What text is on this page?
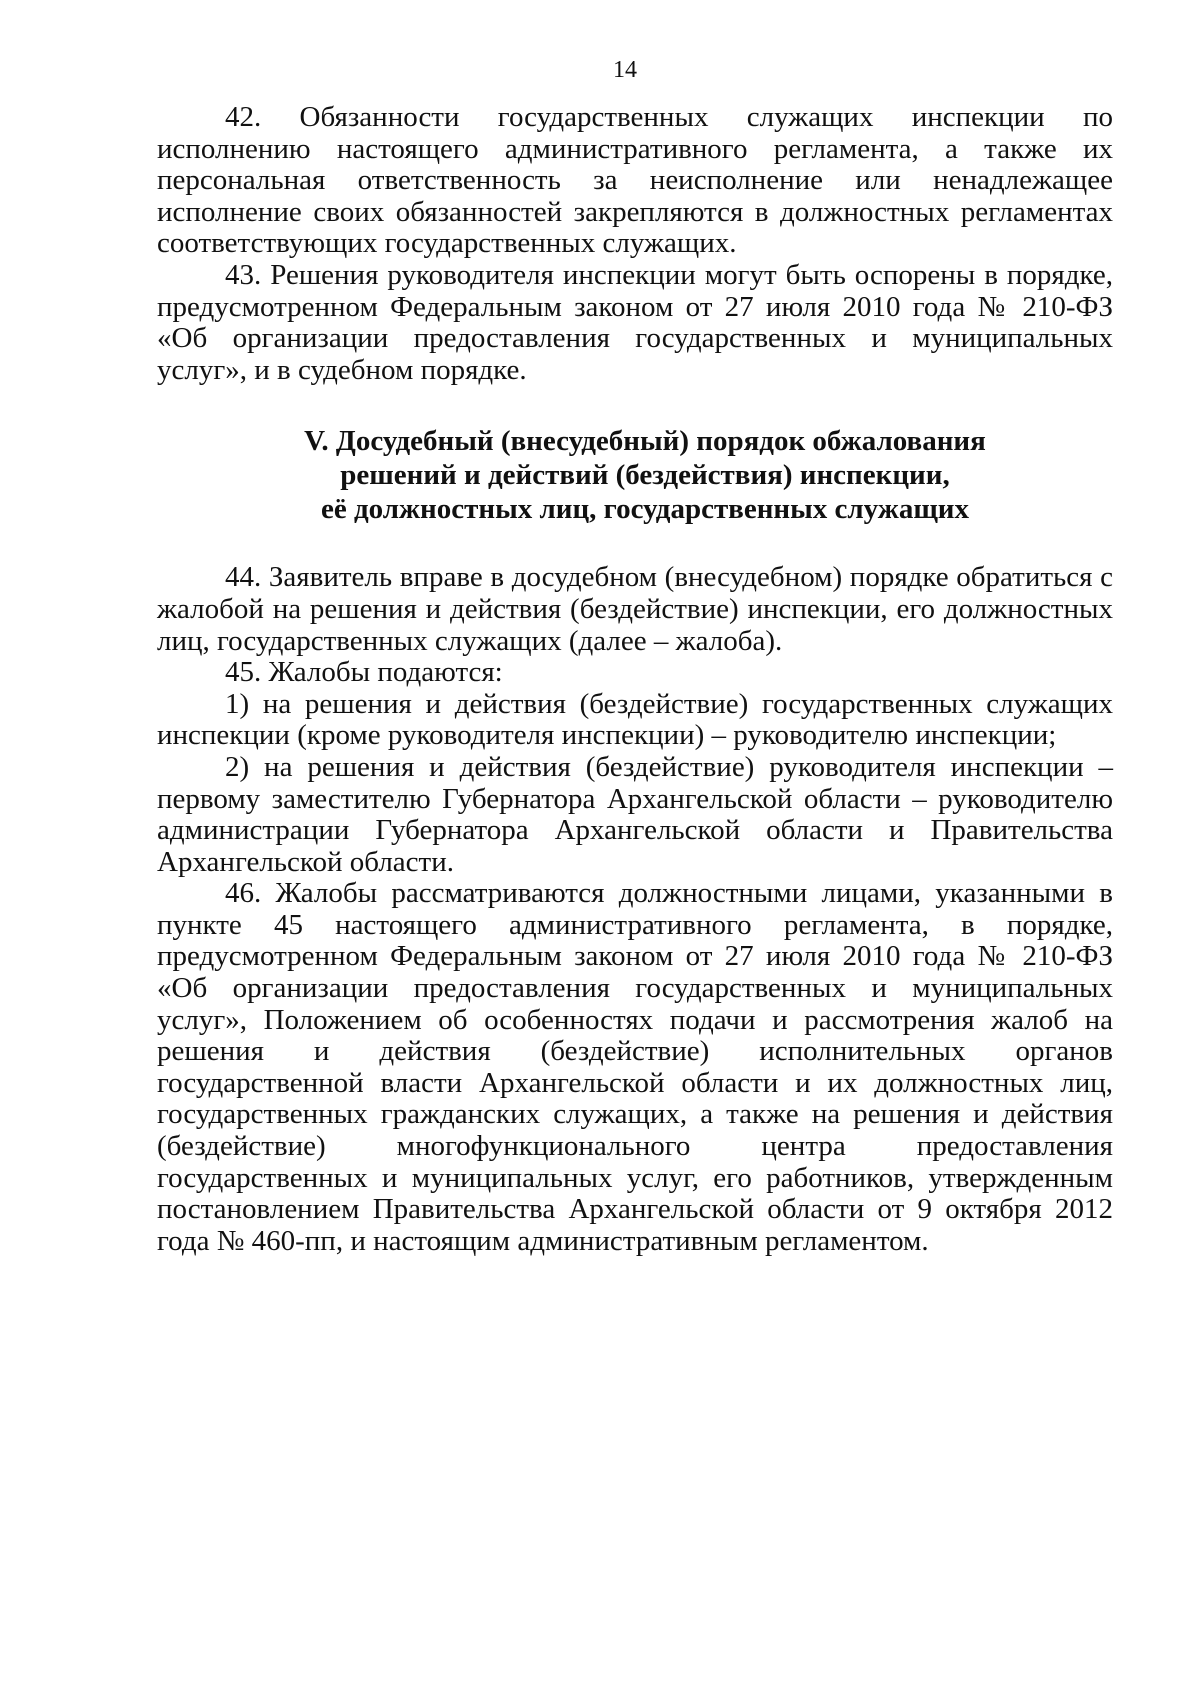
14

42. Обязанности государственных служащих инспекции по исполнению настоящего административного регламента, а также их персональная ответственность за неисполнение или ненадлежащее исполнение своих обязанностей закрепляются в должностных регламентах соответствующих государственных служащих.

43. Решения руководителя инспекции могут быть оспорены в порядке, предусмотренном Федеральным законом от 27 июля 2010 года № 210-ФЗ «Об организации предоставления государственных и муниципальных услуг», и в судебном порядке.

V. Досудебный (внесудебный) порядок обжалования
решений и действий (бездействия) инспекции,
её должностных лиц, государственных служащих

44. Заявитель вправе в досудебном (внесудебном) порядке обратиться с жалобой на решения и действия (бездействие) инспекции, его должностных лиц, государственных служащих (далее – жалоба).

45. Жалобы подаются:

1) на решения и действия (бездействие) государственных служащих инспекции (кроме руководителя инспекции) – руководителю инспекции;

2) на решения и действия (бездействие) руководителя инспекции – первому заместителю Губернатора Архангельской области – руководителю администрации Губернатора Архангельской области и Правительства Архангельской области.

46. Жалобы рассматриваются должностными лицами, указанными в пункте 45 настоящего административного регламента, в порядке, предусмотренном Федеральным законом от 27 июля 2010 года № 210-ФЗ «Об организации предоставления государственных и муниципальных услуг», Положением об особенностях подачи и рассмотрения жалоб на решения и действия (бездействие) исполнительных органов государственной власти Архангельской области и их должностных лиц, государственных гражданских служащих, а также на решения и действия (бездействие) многофункционального центра предоставления государственных и муниципальных услуг, его работников, утвержденным постановлением Правительства Архангельской области от 9 октября 2012 года № 460-пп, и настоящим административным регламентом.
